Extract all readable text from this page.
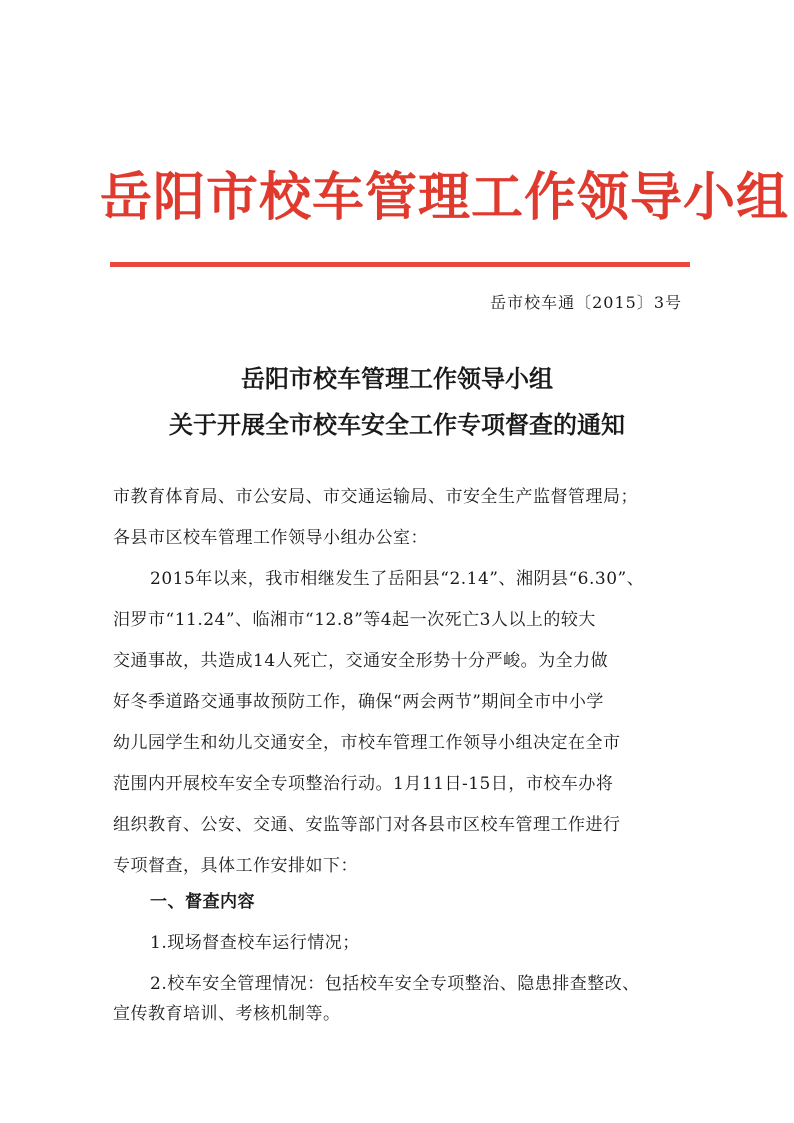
岳阳市校车管理工作领导小组
岳市校车通〔2015〕3号
岳阳市校车管理工作领导小组
关于开展全市校车安全工作专项督查的通知
市教育体育局、市公安局、市交通运输局、市安全生产监督管理局；
各县市区校车管理工作领导小组办公室：
2015年以来，我市相继发生了岳阳县“2.14”、湘阴县“6.30”、
汨罗市“11.24”、临湘市“12.8”等4起一次死亡3人以上的较大
交通事故，共造成14人死亡，交通安全形势十分严峻。为全力做
好冬季道路交通事故预防工作，确保“两会两节”期间全市中小学
幼儿园学生和幼儿交通安全，市校车管理工作领导小组决定在全市
范围内开展校车安全专项整治行动。1月11日-15日，市校车办将
组织教育、公安、交通、安监等部门对各县市区校车管理工作进行
专项督查，具体工作安排如下：
一、督查内容
1.现场督查校车运行情况；
2.校车安全管理情况：包括校车安全专项整治、隐患排查整改、
宣传教育培训、考核机制等。
